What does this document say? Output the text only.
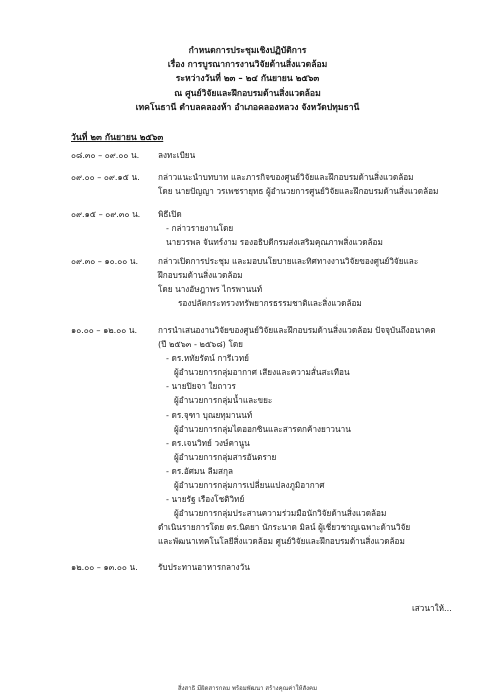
กำหนดการประชุมเชิงปฏิบัติการ
เรื่อง การบูรณาการงานวิจัยด้านสิ่งแวดล้อม
ระหว่างวันที่ ๒๓ – ๒๔ กันยายน ๒๕๖๓
ณ ศูนย์วิจัยและฝึกอบรมด้านสิ่งแวดล้อม
เทคโนธานี ตำบลคลองห้า อำเภอคลองหลวง จังหวัดปทุมธานี
วันที่ ๒๓ กันยายน ๒๕๖๓
๐๘.๓๐ – ๐๙.๐๐ น. ลงทะเบียน
๐๙.๐๐ – ๐๙.๑๕ น. กล่าวแนะนำบทบาท และภารกิจของศูนย์วิจัยและฝึกอบรมด้านสิ่งแวดล้อม
โดย นายปัญญา วรเพชรายุทธ ผู้อำนวยการศูนย์วิจัยและฝึกอบรมด้านสิ่งแวดล้อม
๐๙.๑๕ – ๐๙.๓๐ น. พิธีเปิด
- กล่าวรายงานโดย
นายวรพล จันทร์งาม รองอธิบดีกรมส่งเสริมคุณภาพสิ่งแวดล้อม
๐๙.๓๐ – ๑๐.๐๐ น. กล่าวเปิดการประชุม และมอบนโยบายและทิศทางงานวิจัยของศูนย์วิจัยและ
ฝึกอบรมด้านสิ่งแวดล้อม
โดย นางอัษฎาพร ไกรพานนท์
รองปลัดกระทรวงทรัพยากรธรรมชาติและสิ่งแวดล้อม
๑๐.๐๐ – ๑๒.๐๐ น.	การนำเสนองานวิจัยของศูนย์วิจัยและฝึกอบรมด้านสิ่งแวดล้อม ปัจจุบันถึงอนาคต
(ปี ๒๕๖๓ - ๒๕๖๘) โดย
- ดร.หทัยรัตน์ การีเวทย์
ผู้อำนวยการกลุ่มอากาศ เสียงและความสั่นสะเทือน
- นายปิยจา ใยถาวร
ผู้อำนวยการกลุ่มน้ำและขยะ
- ดร.จุฑา บุณยทุมานนท์
ผู้อำนวยการกลุ่มไดออกซินและสารตกค้างยาวนาน
- ดร.เจนวิทย์ วงษ์คานูน
ผู้อำนวยการกลุ่มสารอันตราย
- ดร.อัศมน ลีมสกุล
ผู้อำนวยการกลุ่มการเปลี่ยนแปลงภูมิอากาศ
- นายรัฐ เรืองโชติวิทย์
ผู้อำนวยการกลุ่มประสานความร่วมมือนักวิจัยด้านสิ่งแวดล้อม
ดำเนินรายการโดย ดร.นิตยา นักระนาด มิลน์ ผู้เชี่ยวชาญเฉพาะด้านวิจัย
และพัฒนาเทคโนโลยีสิ่งแวดล้อม ศูนย์วิจัยและฝึกอบรมด้านสิ่งแวดล้อม
๑๒.๐๐ – ๑๓.๐๐ น. รับประทานอาหารกลางวัน
เสวนาให้...
สิ่งสาธิ มีผิดสารกลม พร้อมพัฒนา สร้างคุณค่าให้สังคม
